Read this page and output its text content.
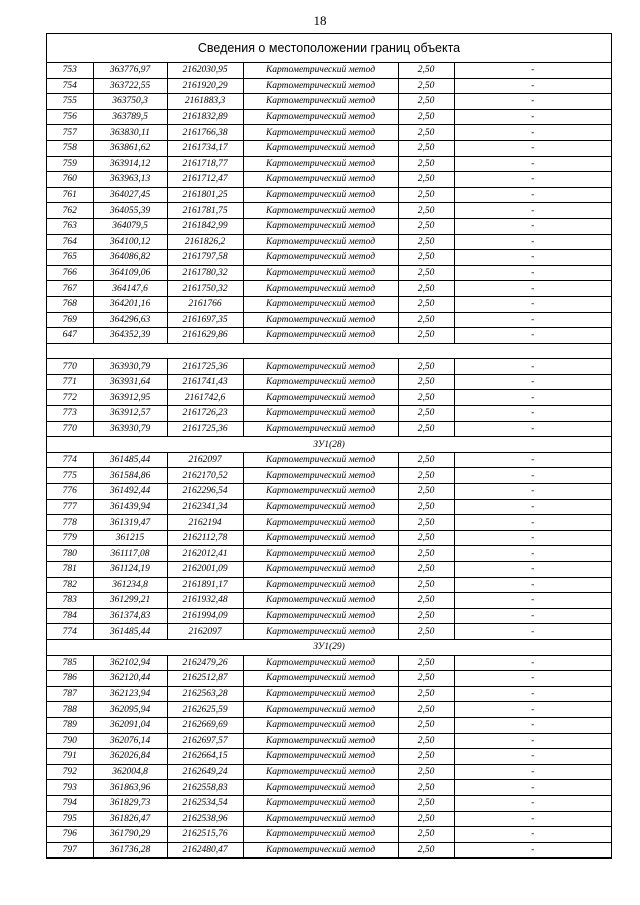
18
Сведения о местоположении границ объекта
753	363776,97	2162030,95	Картометрический метод	2,50	-
754	363722,55	2161920,29	Картометрический метод	2,50	-
755	363750,3	2161883,3	Картометрический метод	2,50	-
756	363789,5	2161832,89	Картометрический метод	2,50	-
757	363830,11	2161766,38	Картометрический метод	2,50	-
758	363861,62	2161734,17	Картометрический метод	2,50	-
759	363914,12	2161718,77	Картометрический метод	2,50	-
760	363963,13	2161712,47	Картометрический метод	2,50	-
761	364027,45	2161801,25	Картометрический метод	2,50	-
762	364055,39	2161781,75	Картометрический метод	2,50	-
763	364079,5	2161842,99	Картометрический метод	2,50	-
764	364100,12	2161826,2	Картометрический метод	2,50	-
765	364086,82	2161797,58	Картометрический метод	2,50	-
766	364109,06	2161780,32	Картометрический метод	2,50	-
767	364147,6	2161750,32	Картометрический метод	2,50	-
768	364201,16	2161766	Картометрический метод	2,50	-
769	364296,63	2161697,35	Картометрический метод	2,50	-
647	364352,39	2161629,86	Картометрический метод	2,50	-

770	363930,79	2161725,36	Картометрический метод	2,50	-
771	363931,64	2161741,43	Картометрический метод	2,50	-
772	363912,95	2161742,6	Картометрический метод	2,50	-
773	363912,57	2161726,23	Картометрический метод	2,50	-
770	363930,79	2161725,36	Картометрический метод	2,50	-
ЗУ1(28)					
774	361485,44	2162097	Картометрический метод	2,50	-
775	361584,86	2162170,52	Картометрический метод	2,50	-
776	361492,44	2162296,54	Картометрический метод	2,50	-
777	361439,94	2162341,34	Картометрический метод	2,50	-
778	361319,47	2162194	Картометрический метод	2,50	-
779	361215	2162112,78	Картометрический метод	2,50	-
780	361117,08	2162012,41	Картометрический метод	2,50	-
781	361124,19	2162001,09	Картометрический метод	2,50	-
782	361234,8	2161891,17	Картометрический метод	2,50	-
783	361299,21	2161932,48	Картометрический метод	2,50	-
784	361374,83	2161994,09	Картометрический метод	2,50	-
774	361485,44	2162097	Картометрический метод	2,50	-
ЗУ1(29)					
785	362102,94	2162479,26	Картометрический метод	2,50	-
786	362120,44	2162512,87	Картометрический метод	2,50	-
787	362123,94	2162563,28	Картометрический метод	2,50	-
788	362095,94	2162625,59	Картометрический метод	2,50	-
789	362091,04	2162669,69	Картометрический метод	2,50	-
790	362076,14	2162697,57	Картометрический метод	2,50	-
791	362026,84	2162664,15	Картометрический метод	2,50	-
792	362004,8	2162649,24	Картометрический метод	2,50	-
793	361863,96	2162558,83	Картометрический метод	2,50	-
794	361829,73	2162534,54	Картометрический метод	2,50	-
795	361826,47	2162538,96	Картометрический метод	2,50	-
796	361790,29	2162515,76	Картометрический метод	2,50	-
797	361736,28	2162480,47	Картометрический метод	2,50	-
